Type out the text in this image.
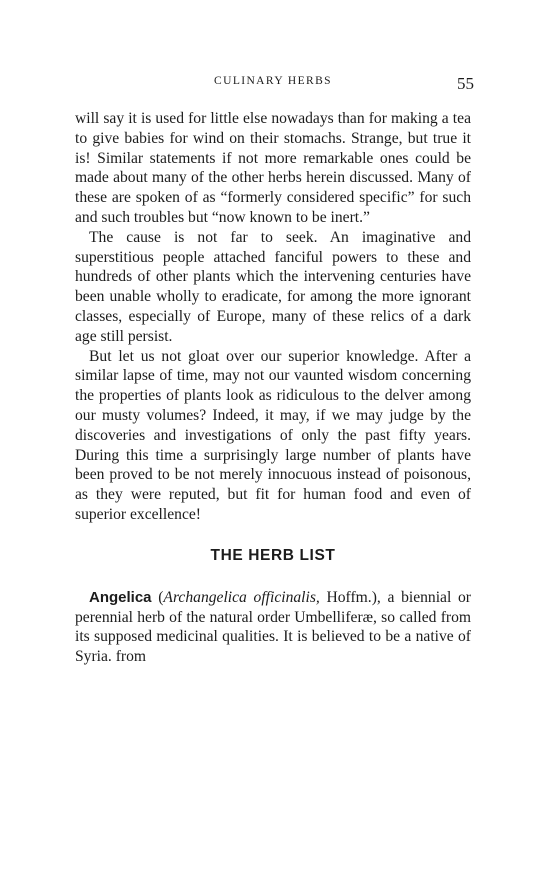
CULINARY HERBS	55

will say it is used for little else nowadays than for making a tea to give babies for wind on their stomachs. Strange, but true it is! Similar statements if not more remarkable ones could be made about many of the other herbs herein discussed. Many of these are spoken of as “formerly considered specific” for such and such troubles but “now known to be inert.”

The cause is not far to seek. An imaginative and superstitious people attached fanciful powers to these and hundreds of other plants which the intervening centuries have been unable wholly to eradicate, for among the more ignorant classes, especially of Europe, many of these relics of a dark age still persist.

But let us not gloat over our superior knowledge. After a similar lapse of time, may not our vaunted wisdom concerning the properties of plants look as ridiculous to the delver among our musty volumes? Indeed, it may, if we may judge by the discoveries and investigations of only the past fifty years. During this time a surprisingly large number of plants have been proved to be not merely innocuous instead of poisonous, as they were reputed, but fit for human food and even of superior excellence!

THE HERB LIST

Angelica (Archangelica officinalis, Hoffm.), a biennial or perennial herb of the natural order Umbelliferæ, so called from its supposed medicinal qualities. It is believed to be a native of Syria. from
